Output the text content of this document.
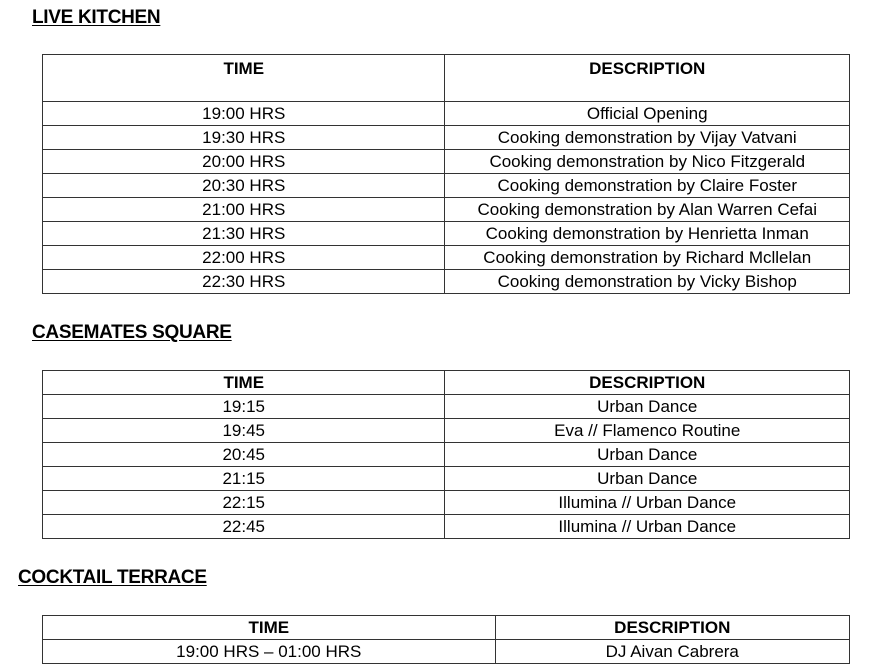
LIVE KITCHEN
TIME	DESCRIPTION
19:00 HRS	Official Opening
19:30 HRS	Cooking demonstration by Vijay Vatvani
20:00 HRS	Cooking demonstration by Nico Fitzgerald
20:30 HRS	Cooking demonstration by Claire Foster
21:00 HRS	Cooking demonstration by Alan Warren Cefai
21:30 HRS	Cooking demonstration by Henrietta Inman
22:00 HRS	Cooking demonstration by Richard Mcllelan
22:30 HRS	Cooking demonstration by Vicky Bishop
CASEMATES SQUARE
TIME	DESCRIPTION
19:15	Urban Dance
19:45	Eva // Flamenco Routine
20:45	Urban Dance
21:15	Urban Dance
22:15	Illumina // Urban Dance
22:45	Illumina // Urban Dance
COCKTAIL TERRACE
TIME	DESCRIPTION
19:00 HRS – 01:00 HRS	DJ Aivan Cabrera
